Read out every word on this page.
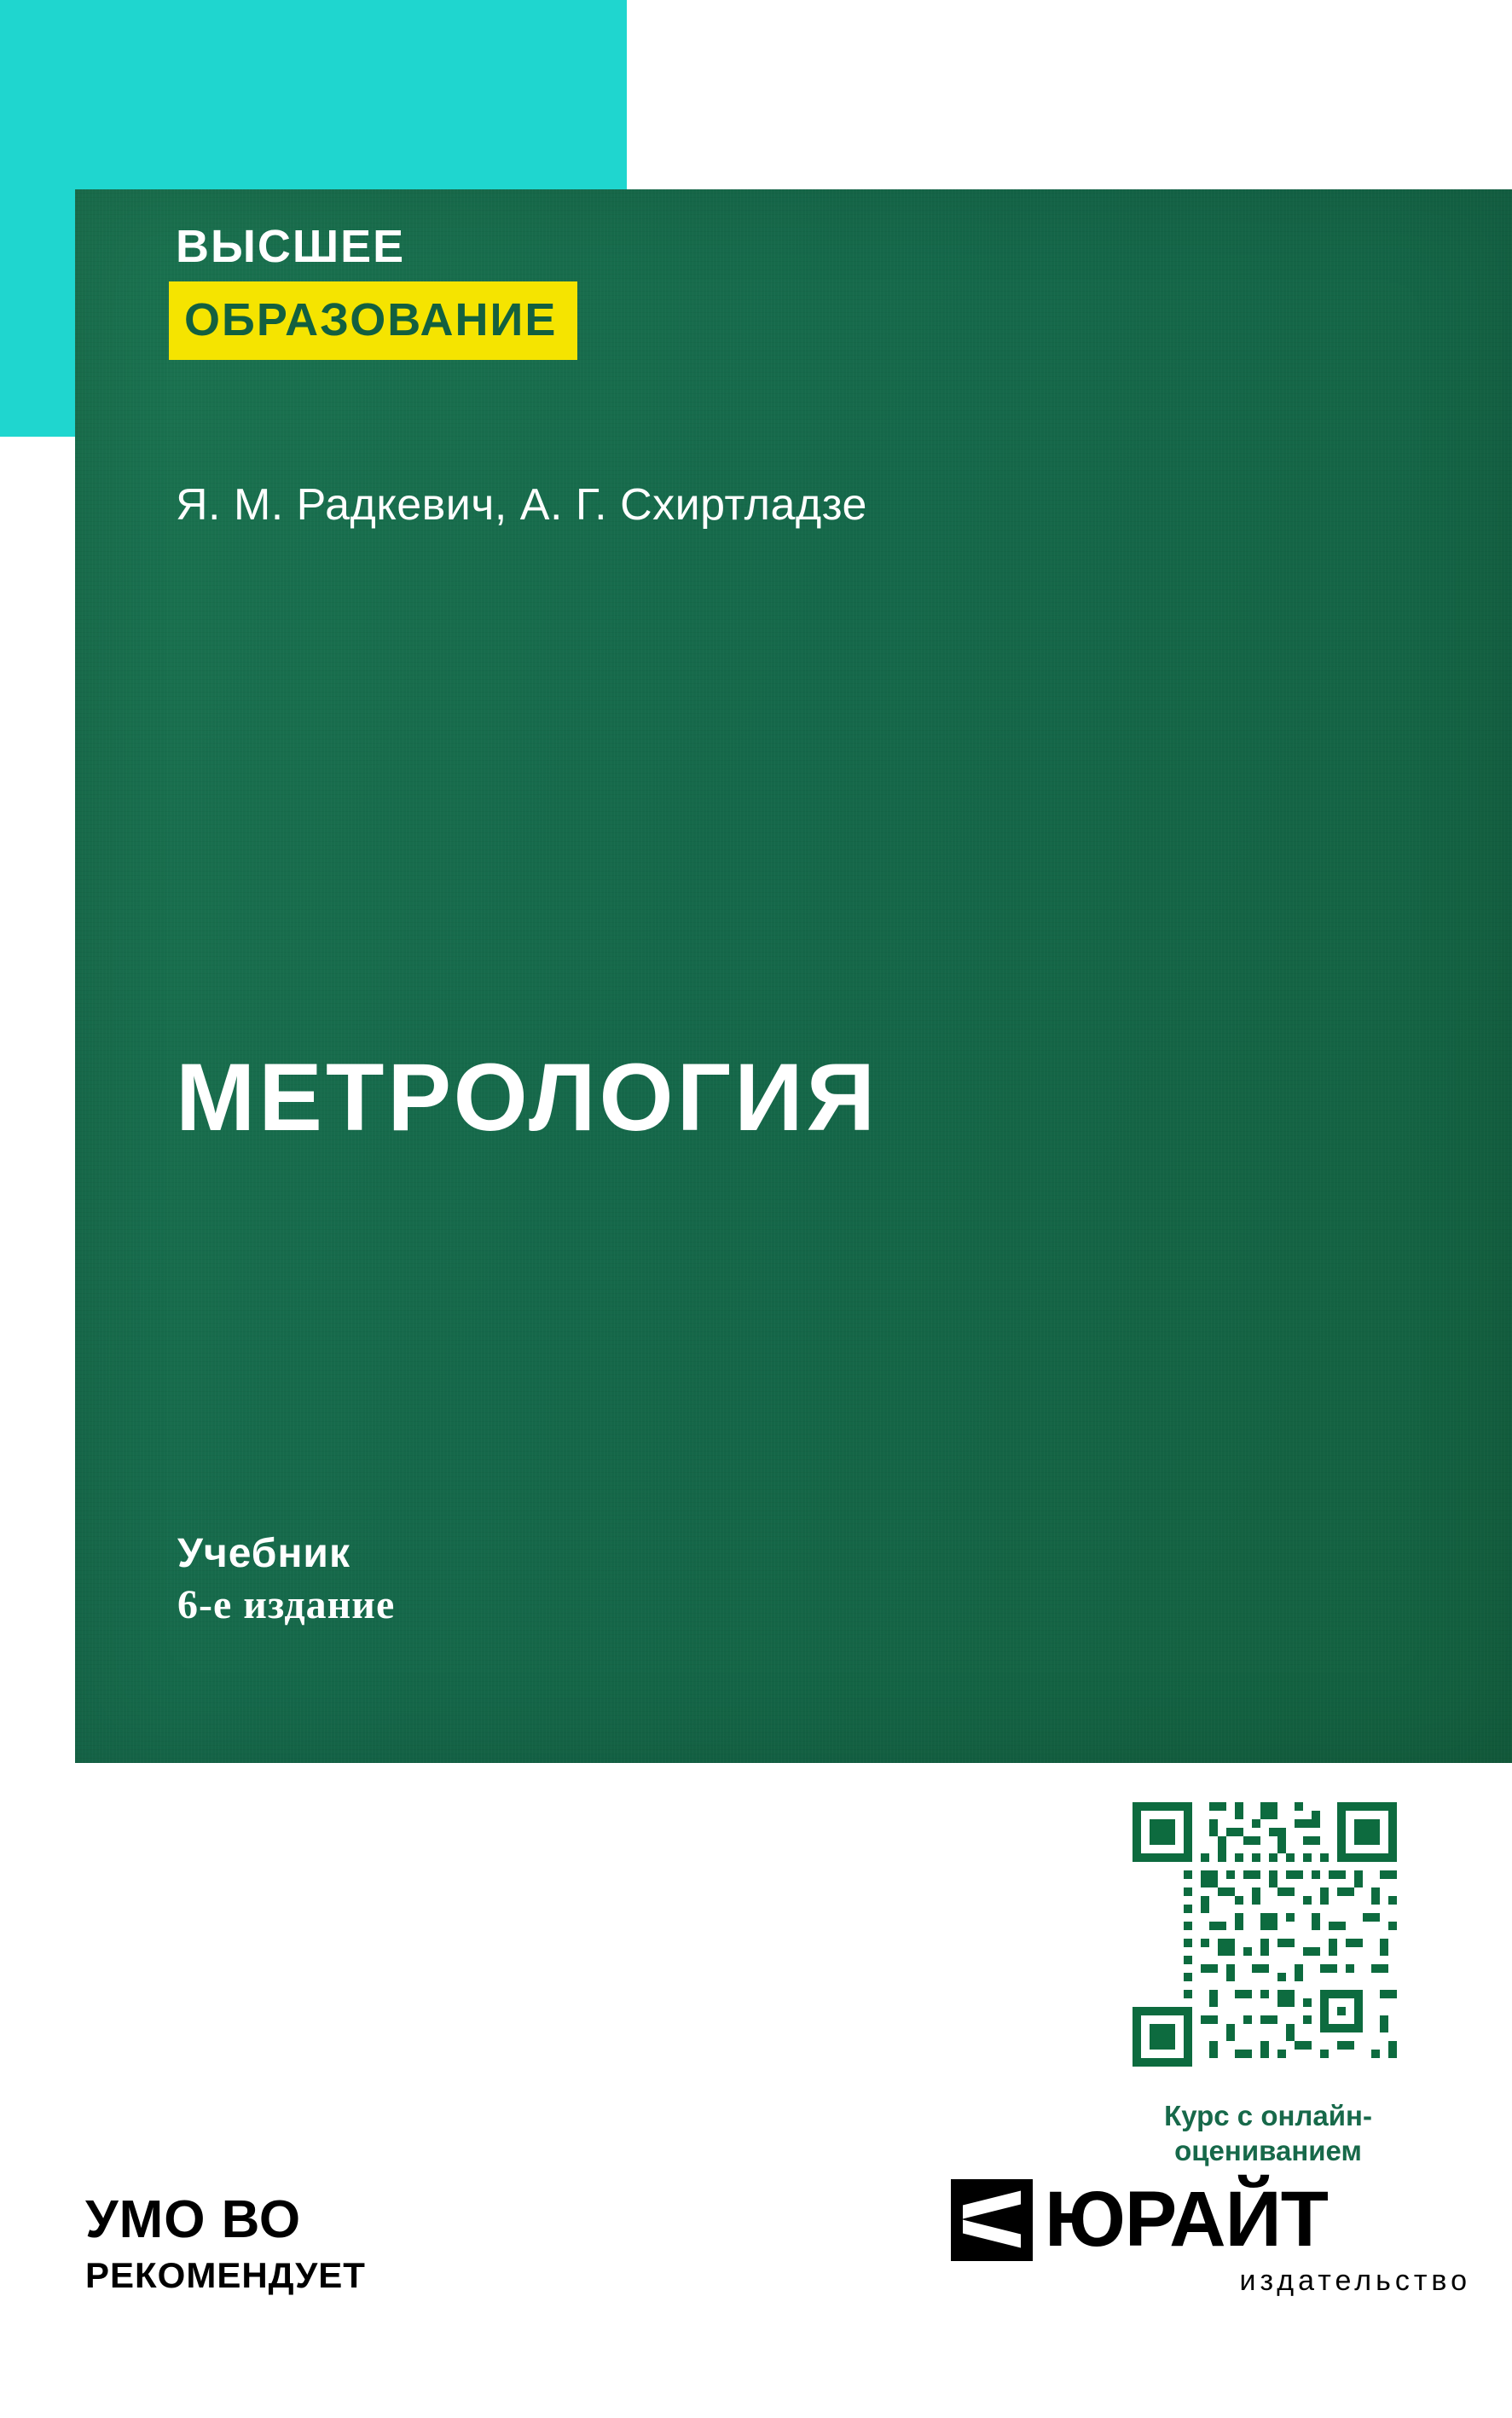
ВЫСШЕЕ
ОБРАЗОВАНИЕ
Я. М. Радкевич, А. Г. Схиртладзе
МЕТРОЛОГИЯ
Учебник
6-е издание
Курс с онлайн-
оцениванием
УМО ВО
РЕКОМЕНДУЕТ
ЮРАЙТ
издательство
